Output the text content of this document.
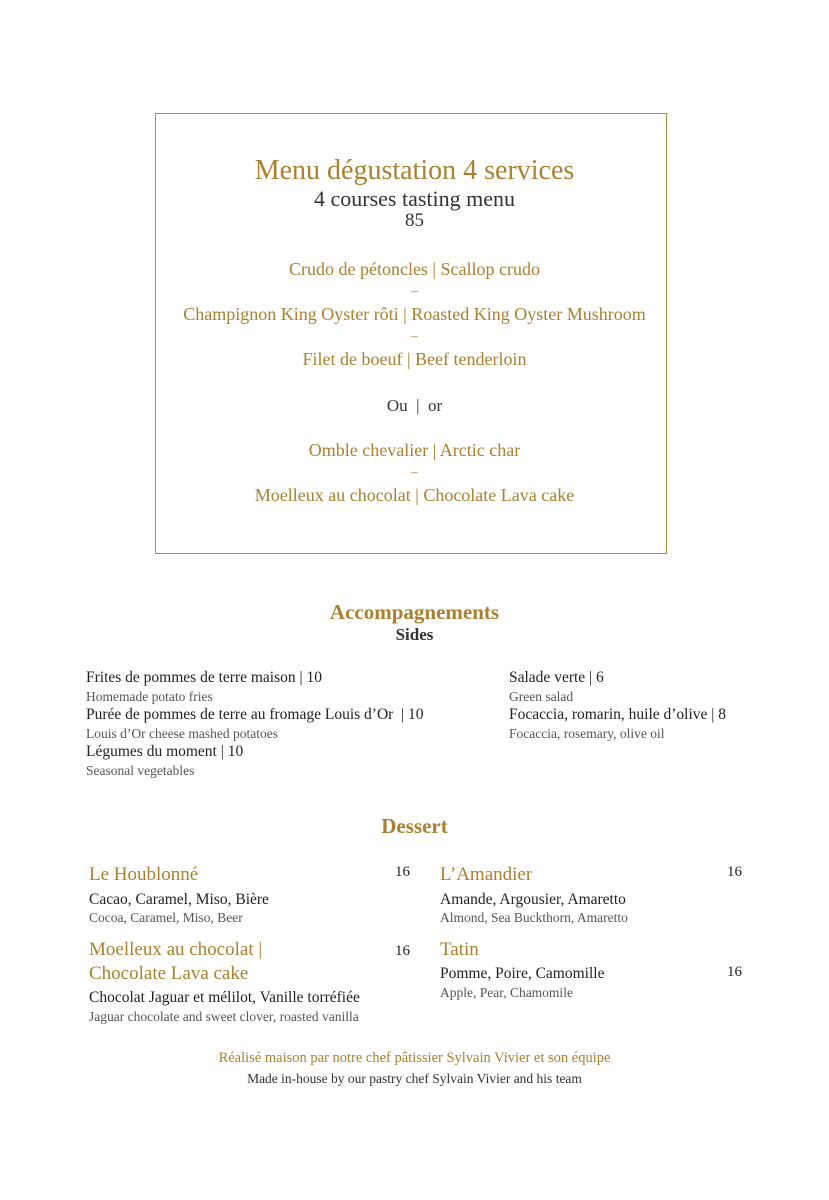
Menu dégustation 4 services
4 courses tasting menu
85
Crudo de pétoncles | Scallop crudo
–
Champignon King Oyster rôti | Roasted King Oyster Mushroom
–
Filet de boeuf | Beef tenderloin
Ou  |  or
Omble chevalier | Arctic char
–
Moelleux au chocolat | Chocolate Lava cake
Accompagnements
Sides
Frites de pommes de terre maison | 10
Homemade potato fries
Purée de pommes de terre au fromage Louis d’Or  | 10
Louis d’Or cheese mashed potatoes
Légumes du moment | 10
Seasonal vegetables
Salade verte | 6
Green salad
Focaccia, romarin, huile d’olive | 8
Focaccia, rosemary, olive oil
Dessert
Le Houblonné	16
Cacao, Caramel, Miso, Bière
Cocoa, Caramel, Miso, Beer
Moelleux au chocolat |
Chocolate Lava cake
16
Chocolat Jaguar et mélilot, Vanille torréfiée
Jaguar chocolate and sweet clover, roasted vanilla
L’Amandier	16
Amande, Argousier, Amaretto
Almond, Sea Buckthorn, Amaretto
Tatin
16
Pomme, Poire, Camomille
Apple, Pear, Chamomile
Réalisé maison par notre chef pâtissier Sylvain Vivier et son équipe
Made in-house by our pastry chef Sylvain Vivier and his team
